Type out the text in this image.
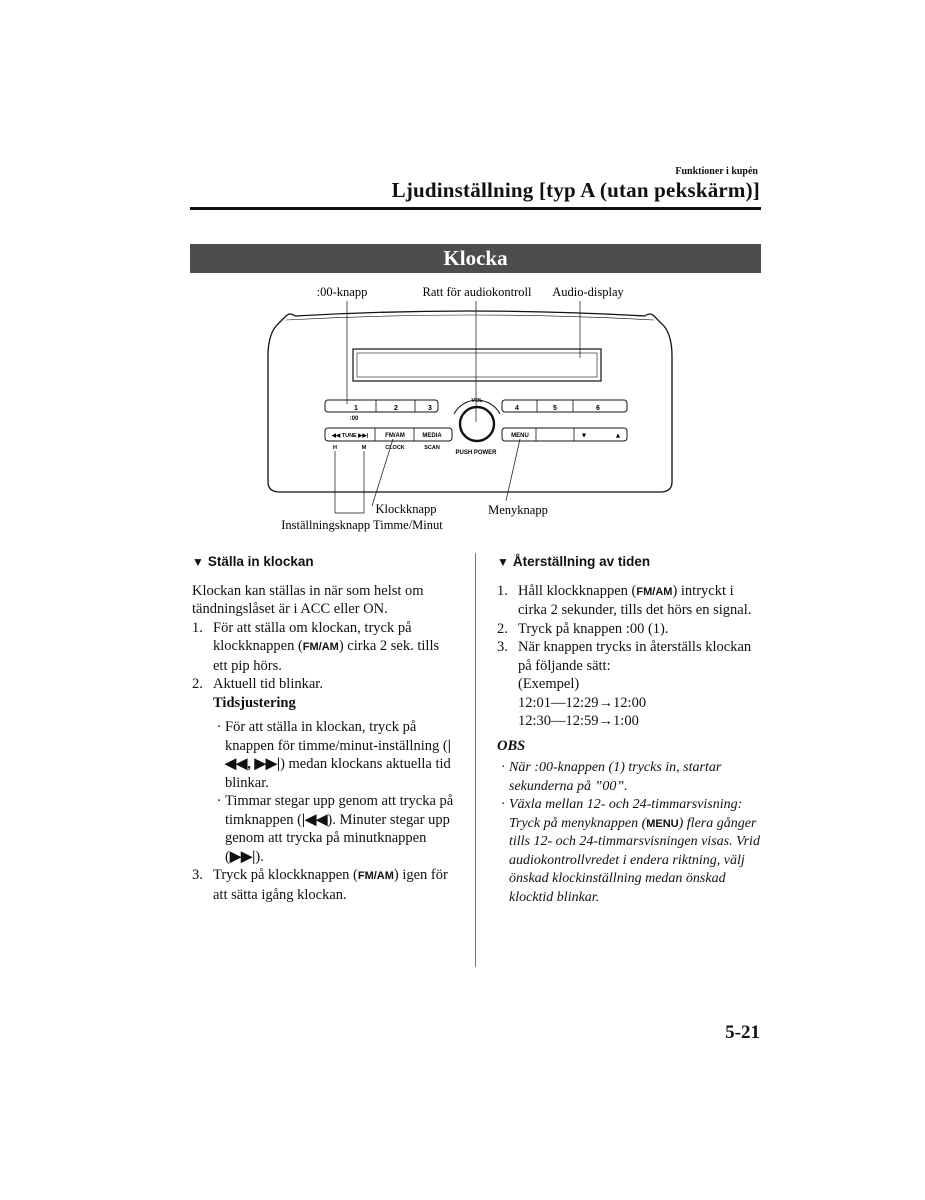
Funktioner i kupén
Ljudinställning [typ A (utan pekskärm)]
Klocka
:00-knapp	Ratt för audiokontroll Audio-display
Klockknapp
Inställningsknapp Timme/Minut
Menyknapp
1	2	3
:00
4	5	6
VOL
PUSH POWER
◀◀ TUNE ▶▶|	FM/AM	MEDIA
H	M	CLOCK	SCAN
MENU	▼	▲
▼ Ställa in klockan

Klockan kan ställas in när som helst om tändningslåset är i ACC eller ON.

1. För att ställa om klockan, tryck på klockknappen (FM/AM) cirka 2 sek. tills ett pip hörs.
2. Aktuell tid blinkar.
Tidsjustering
· För att ställa in klockan, tryck på knappen för timme/minut-inställning (|◀◀, ▶▶|) medan klockans aktuella tid blinkar.
· Timmar stegar upp genom att trycka på timknappen (|◀◀). Minuter stegar upp genom att trycka på minutknappen (▶▶|).
3. Tryck på klockknappen (FM/AM) igen för att sätta igång klockan.
▼ Återställning av tiden
1. Håll klockknappen (FM/AM) intryckt i cirka 2 sekunder, tills det hörs en signal.
2. Tryck på knappen :00 (1).
3. När knappen trycks in återställs klockan på följande sätt:
(Exempel)
12:01—12:29→12:00
12:30—12:59→1:00
OBS
· När :00-knappen (1) trycks in, startar sekunderna på ”00”.
· Växla mellan 12- och 24-timmarsvisning:
Tryck på menyknappen (MENU) flera gånger tills 12- och 24-timmarsvisningen visas. Vrid audiokontrollvredet i endera riktning, välj önskad klockinställning medan önskad klocktid blinkar.
5-21
